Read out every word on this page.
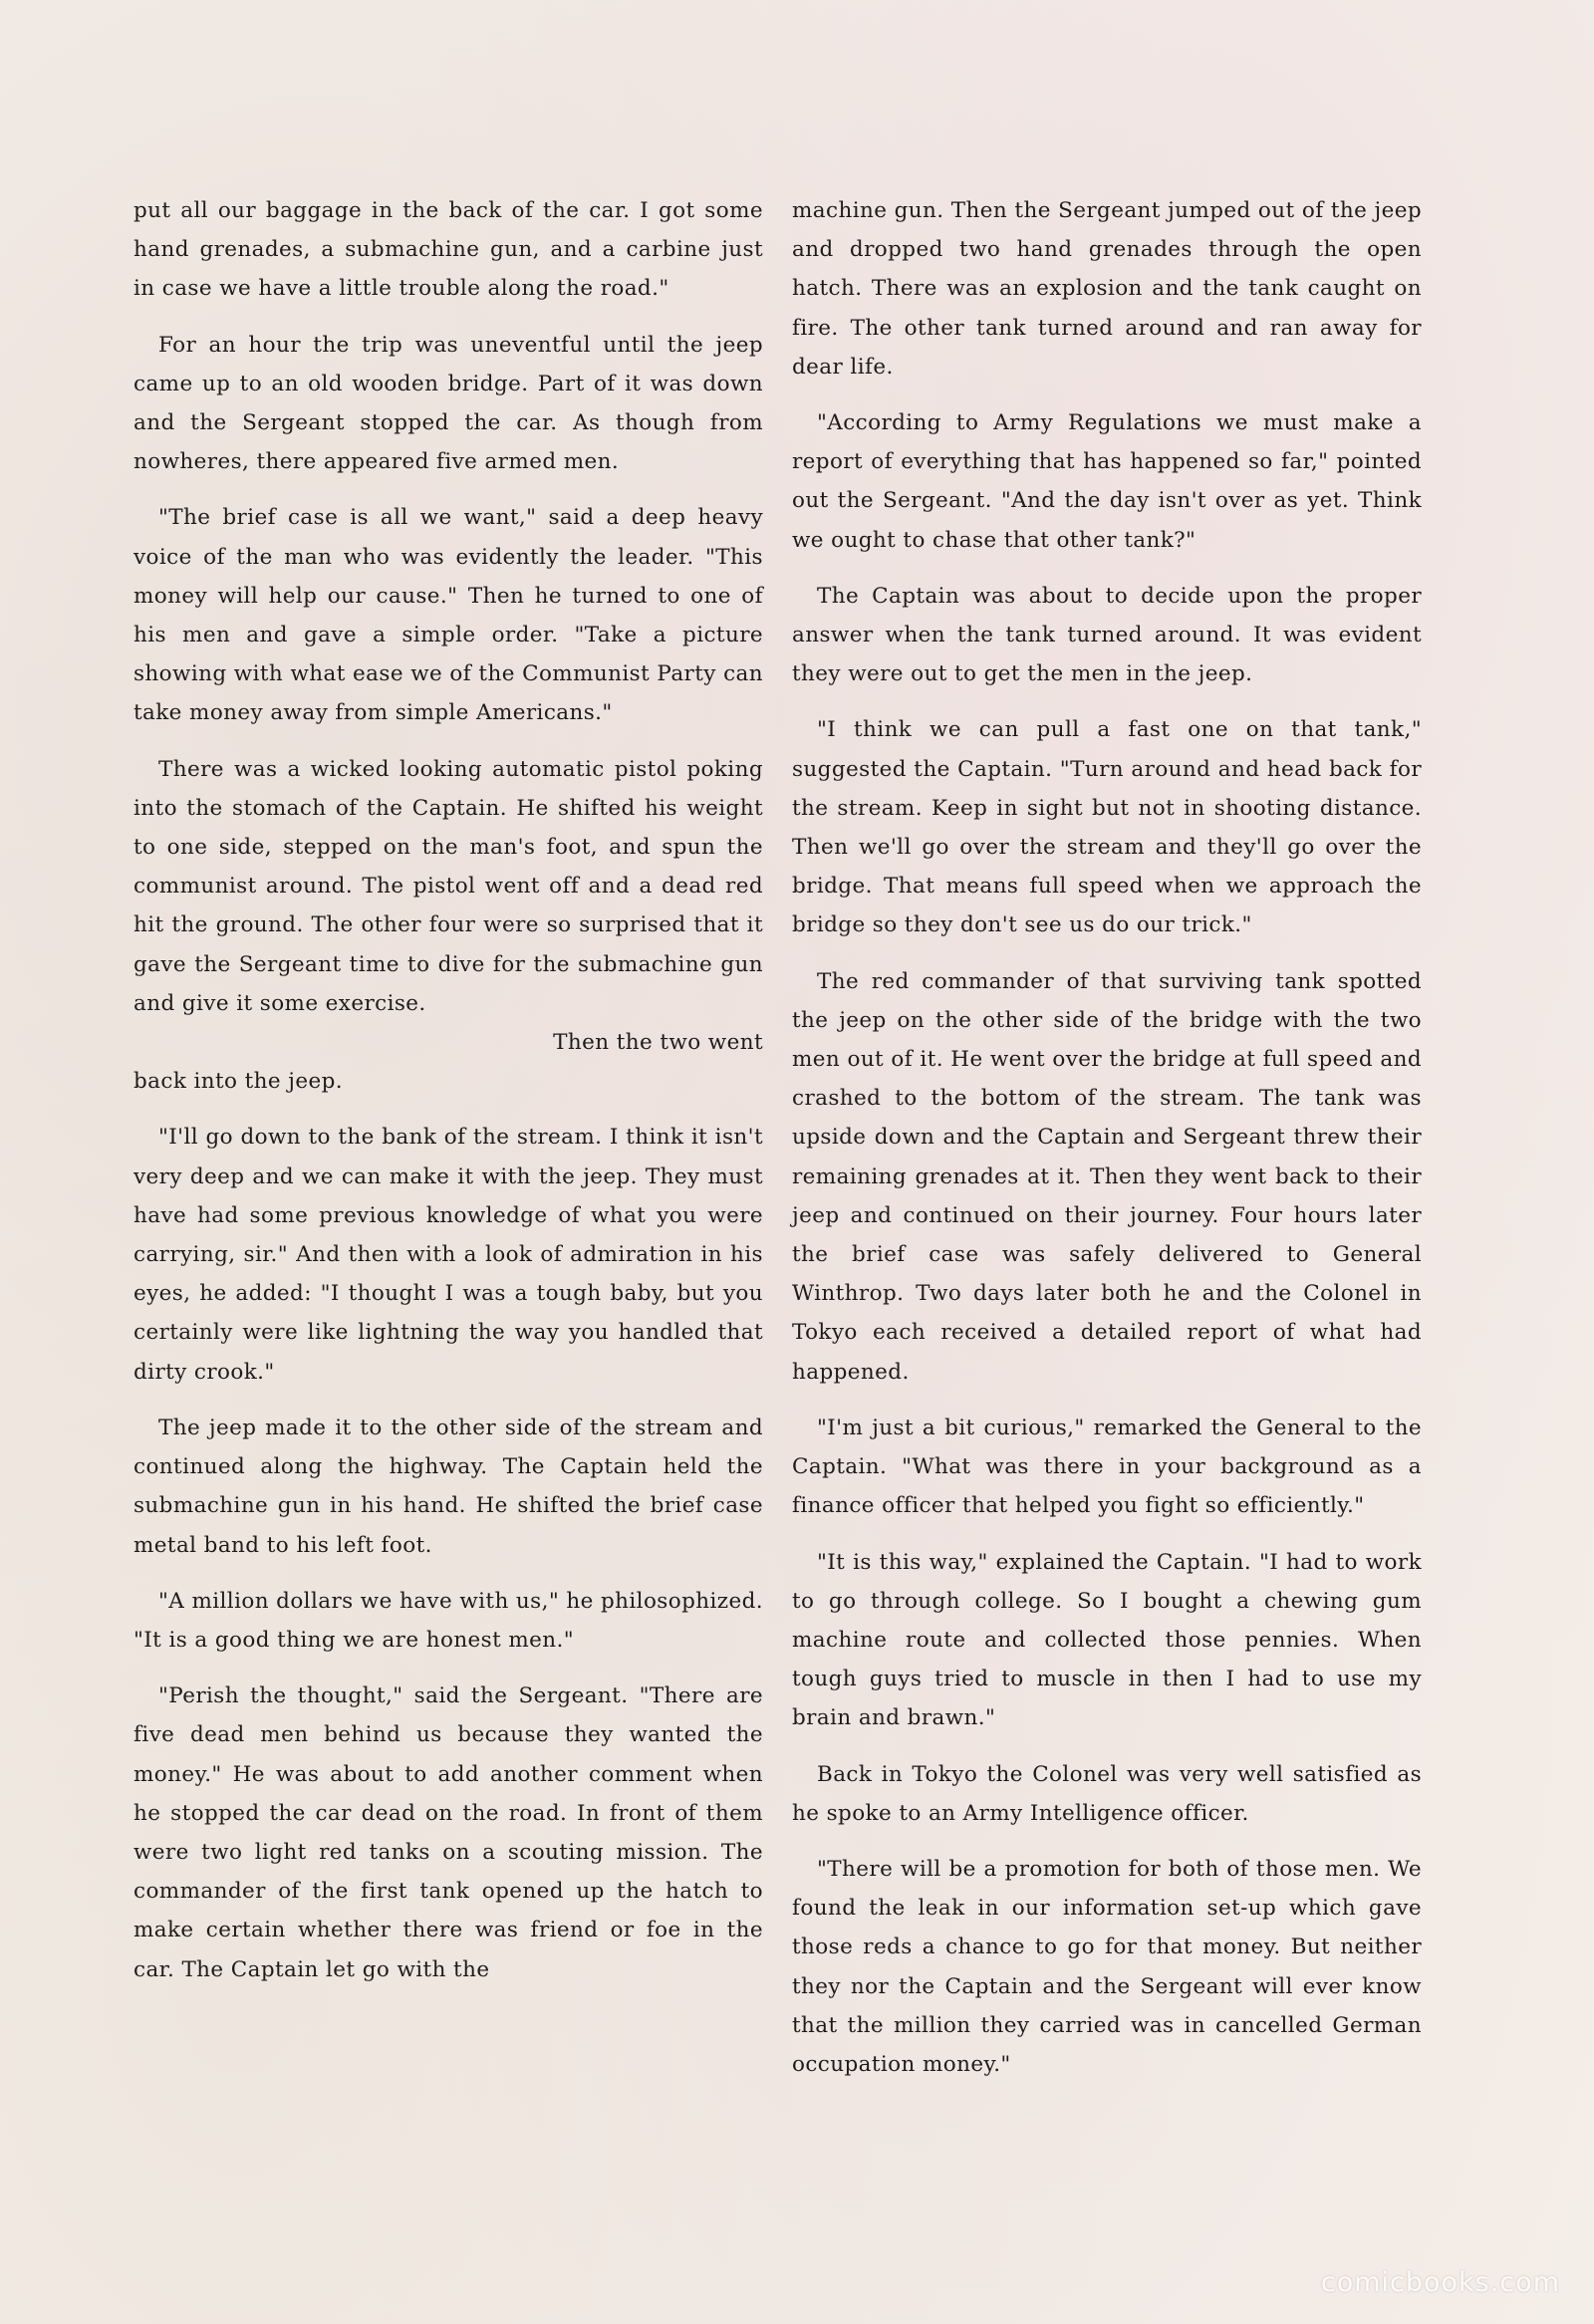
put all our baggage in the back of the car. I got some hand grenades, a submachine gun, and a carbine just in case we have a little trouble along the road."

For an hour the trip was uneventful until the jeep came up to an old wooden bridge. Part of it was down and the Sergeant stopped the car. As though from nowheres, there appeared five armed men.

"The brief case is all we want," said a deep heavy voice of the man who was evidently the leader. "This money will help our cause." Then he turned to one of his men and gave a simple order. "Take a picture showing with what ease we of the Communist Party can take money away from simple Americans."

There was a wicked looking automatic pistol poking into the stomach of the Captain. He shifted his weight to one side, stepped on the man's foot, and spun the communist around. The pistol went off and a dead red hit the ground. The other four were so surprised that it gave the Sergeant time to dive for the submachine gun and give it some exercise.

Then the two went

back into the jeep.

"I'll go down to the bank of the stream. I think it isn't very deep and we can make it with the jeep. They must have had some previous knowledge of what you were carrying, sir." And then with a look of admiration in his eyes, he added: "I thought I was a tough baby, but you certainly were like lightning the way you handled that dirty crook."

The jeep made it to the other side of the stream and continued along the highway. The Captain held the submachine gun in his hand. He shifted the brief case metal band to his left foot.

"A million dollars we have with us," he philosophized. "It is a good thing we are honest men."

"Perish the thought," said the Sergeant. "There are five dead men behind us because they wanted the money." He was about to add another comment when he stopped the car dead on the road. In front of them were two light red tanks on a scouting mission. The commander of the first tank opened up the hatch to make certain whether there was friend or foe in the car. The Captain let go with the

machine gun. Then the Sergeant jumped out of the jeep and dropped two hand grenades through the open hatch. There was an explosion and the tank caught on fire. The other tank turned around and ran away for dear life.

"According to Army Regulations we must make a report of everything that has happened so far," pointed out the Sergeant. "And the day isn't over as yet. Think we ought to chase that other tank?"

The Captain was about to decide upon the proper answer when the tank turned around. It was evident they were out to get the men in the jeep.

"I think we can pull a fast one on that tank," suggested the Captain. "Turn around and head back for the stream. Keep in sight but not in shooting distance. Then we'll go over the stream and they'll go over the bridge. That means full speed when we approach the bridge so they don't see us do our trick."

The red commander of that surviving tank spotted the jeep on the other side of the bridge with the two men out of it. He went over the bridge at full speed and crashed to the bottom of the stream. The tank was upside down and the Captain and Sergeant threw their remaining grenades at it. Then they went back to their jeep and continued on their journey. Four hours later the brief case was safely delivered to General Winthrop. Two days later both he and the Colonel in Tokyo each received a detailed report of what had happened.

"I'm just a bit curious," remarked the General to the Captain. "What was there in your background as a finance officer that helped you fight so efficiently."

"It is this way," explained the Captain. "I had to work to go through college. So I bought a chewing gum machine route and collected those pennies. When tough guys tried to muscle in then I had to use my brain and brawn."

Back in Tokyo the Colonel was very well satisfied as he spoke to an Army Intelligence officer.

"There will be a promotion for both of those men. We found the leak in our information set-up which gave those reds a chance to go for that money. But neither they nor the Captain and the Sergeant will ever know that the million they carried was in cancelled German occupation money."

comicbooks.com
